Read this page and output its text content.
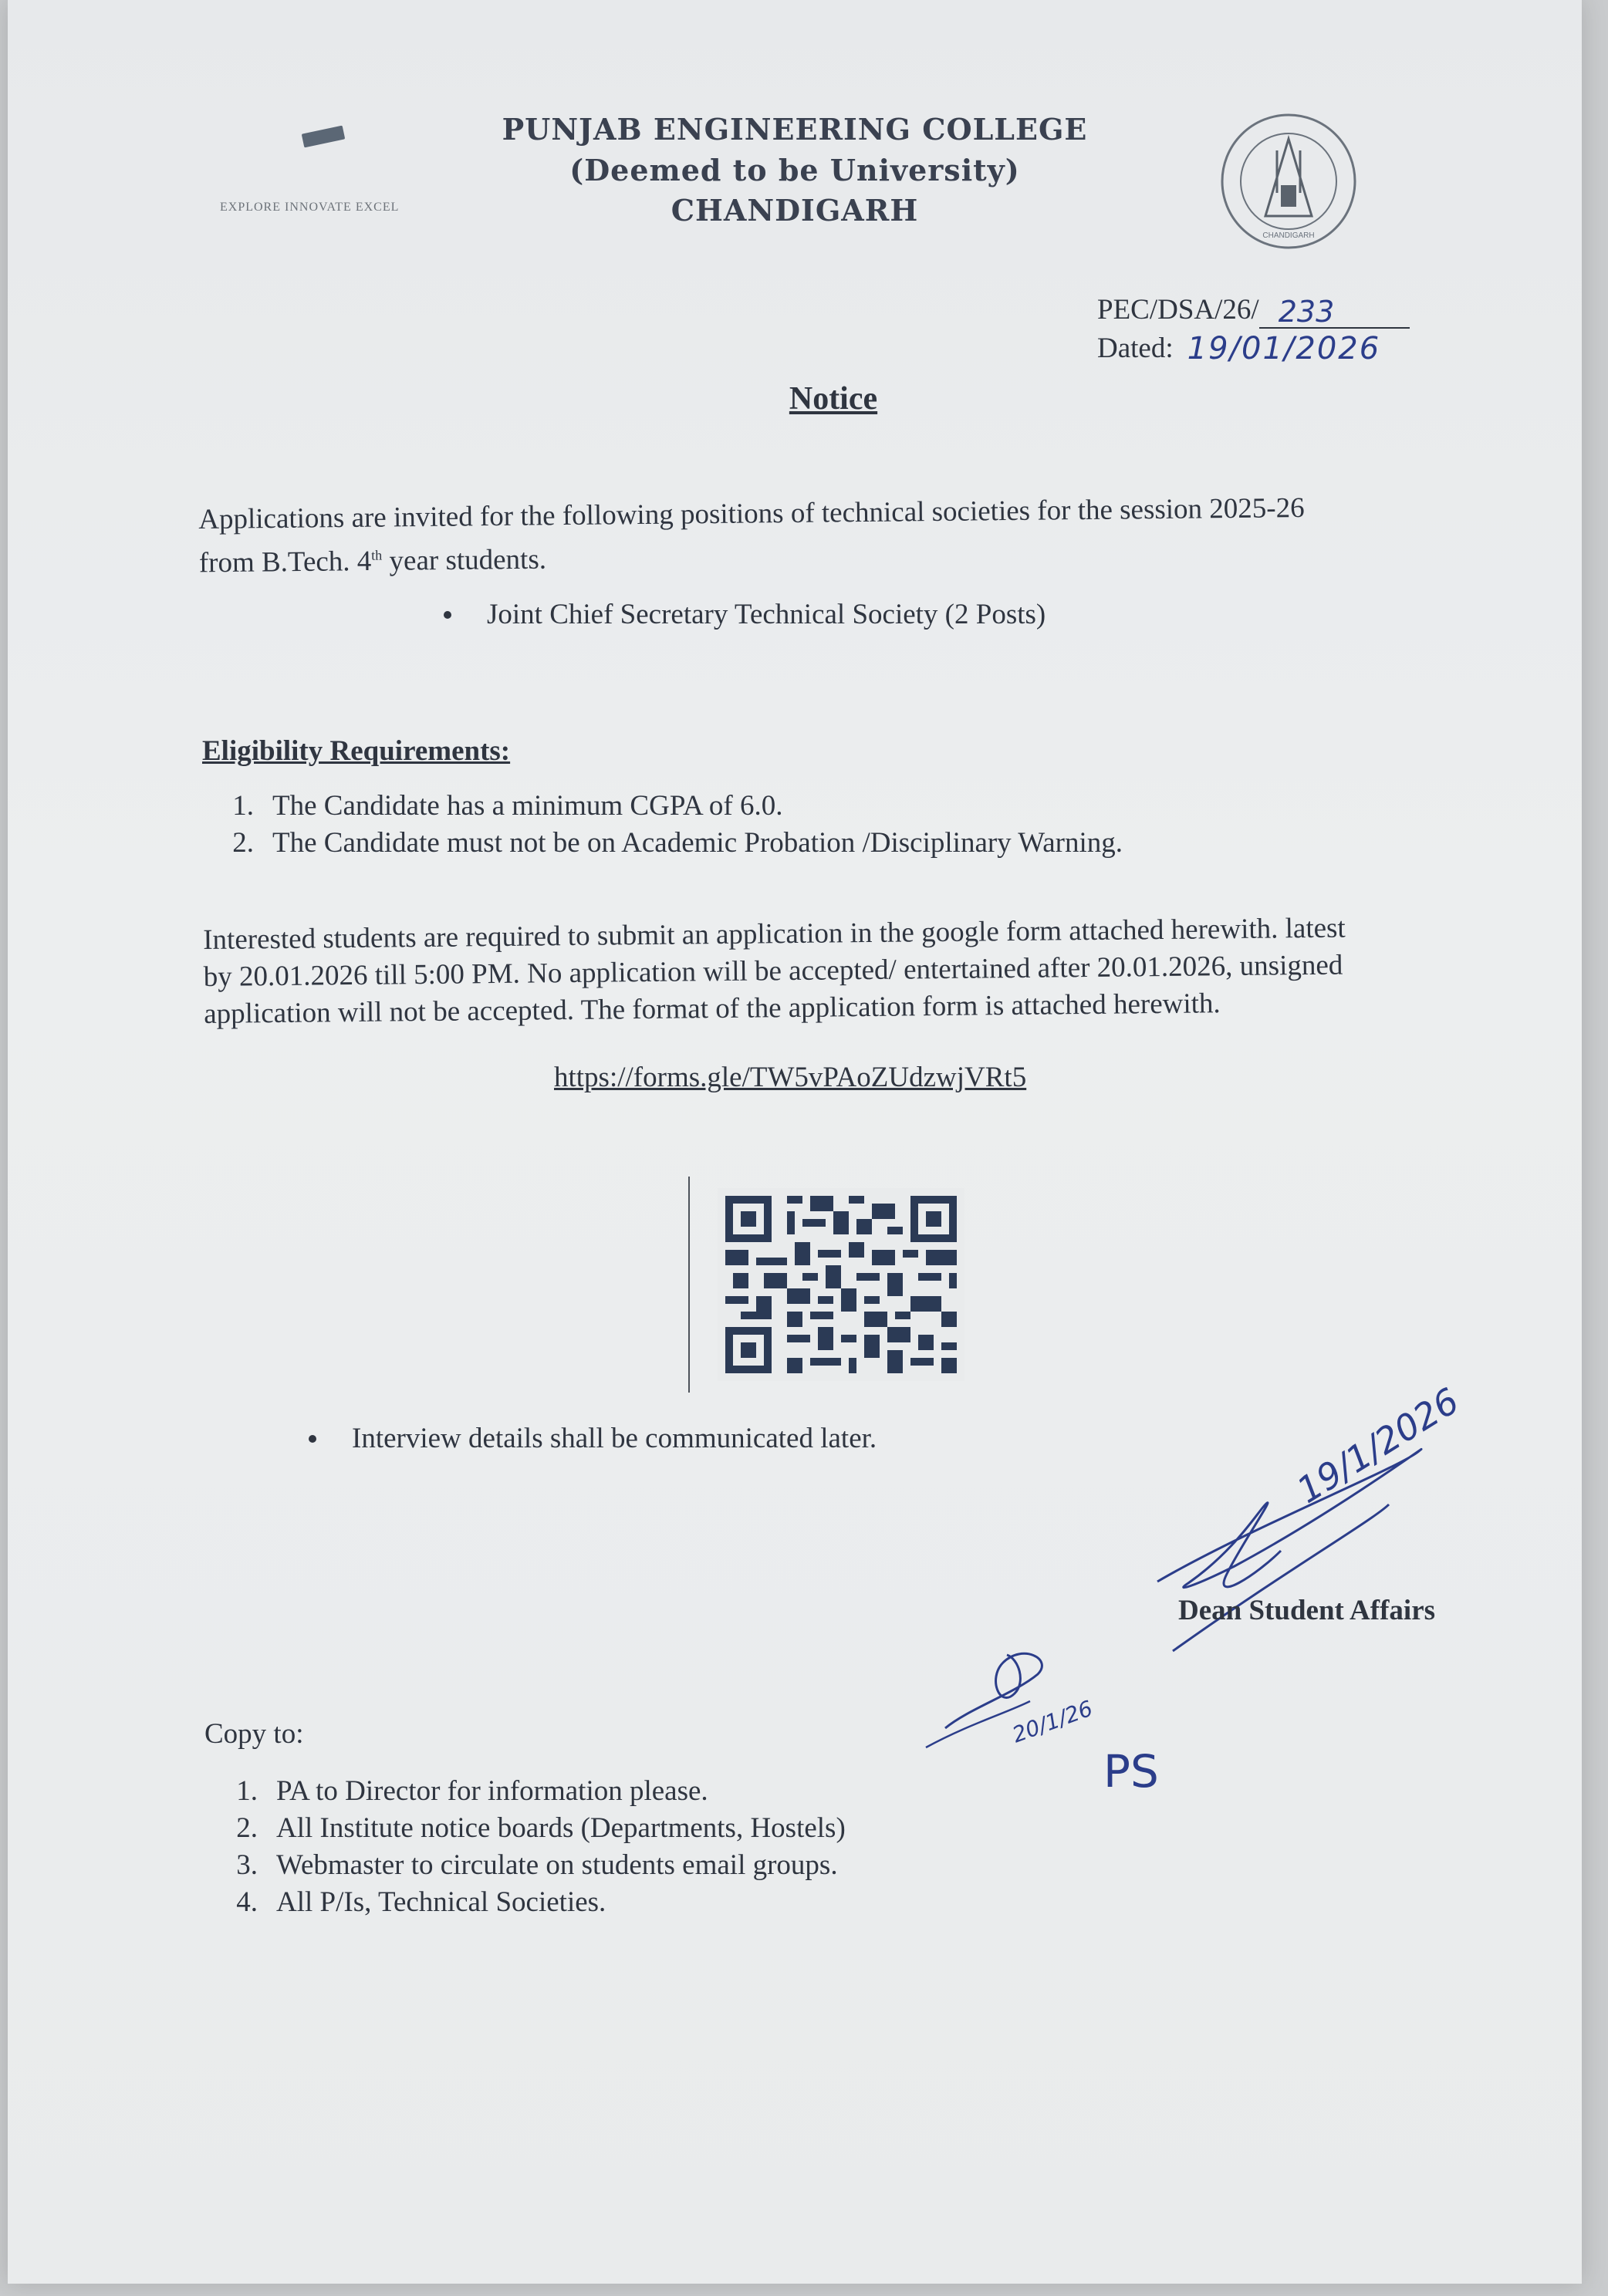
EXPLORE INNOVATE EXCEL
PUNJAB ENGINEERING COLLEGE
(Deemed to be University)
CHANDIGARH
CHANDIGARH
PEC/DSA/26/ 233
Dated: 19/01/2026
Notice
Applications are invited for the following positions of technical societies for the session 2025-26
from B.Tech. 4th year students.
Joint Chief Secretary Technical Society (2 Posts)
Eligibility Requirements:
1. The Candidate has a minimum CGPA of 6.0.
2. The Candidate must not be on Academic Probation /Disciplinary Warning.
Interested students are required to submit an application in the google form attached herewith. latest
by 20.01.2026 till 5:00 PM. No application will be accepted/ entertained after 20.01.2026, unsigned
application will not be accepted. The format of the application form is attached herewith.
https://forms.gle/TW5vPAoZUdzwjVRt5
Interview details shall be communicated later.	19/1/2026
Dean Student Affairs
20/1/26
PS
Copy to:
1. PA to Director for information please.
2. All Institute notice boards (Departments, Hostels)
3. Webmaster to circulate on students email groups.
4. All P/Is, Technical Societies.
